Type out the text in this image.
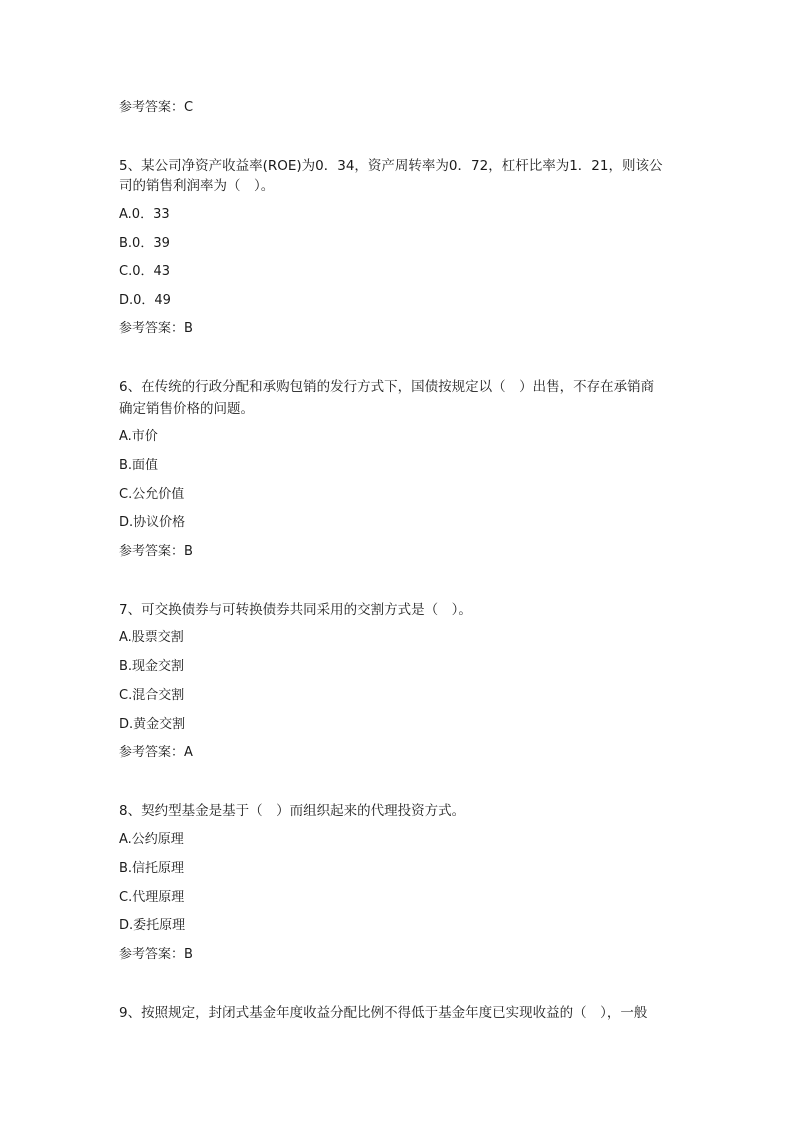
参考答案：C
5、某公司净资产收益率(ROE)为0．34，资产周转率为0．72，杠杆比率为1．21，则该公
司的销售利润率为（　）。
A.0．33
B.0．39
C.0．43
D.0．49
参考答案：B
6、在传统的行政分配和承购包销的发行方式下，国债按规定以（　）出售，不存在承销商
确定销售价格的问题。
A.市价
B.面值
C.公允价值
D.协议价格
参考答案：B
7、可交换债券与可转换债券共同采用的交割方式是（　）。
A.股票交割
B.现金交割
C.混合交割
D.黄金交割
参考答案：A
8、契约型基金是基于（　）而组织起来的代理投资方式。
A.公约原理
B.信托原理
C.代理原理
D.委托原理
参考答案：B
9、按照规定，封闭式基金年度收益分配比例不得低于基金年度已实现收益的（　），一般
